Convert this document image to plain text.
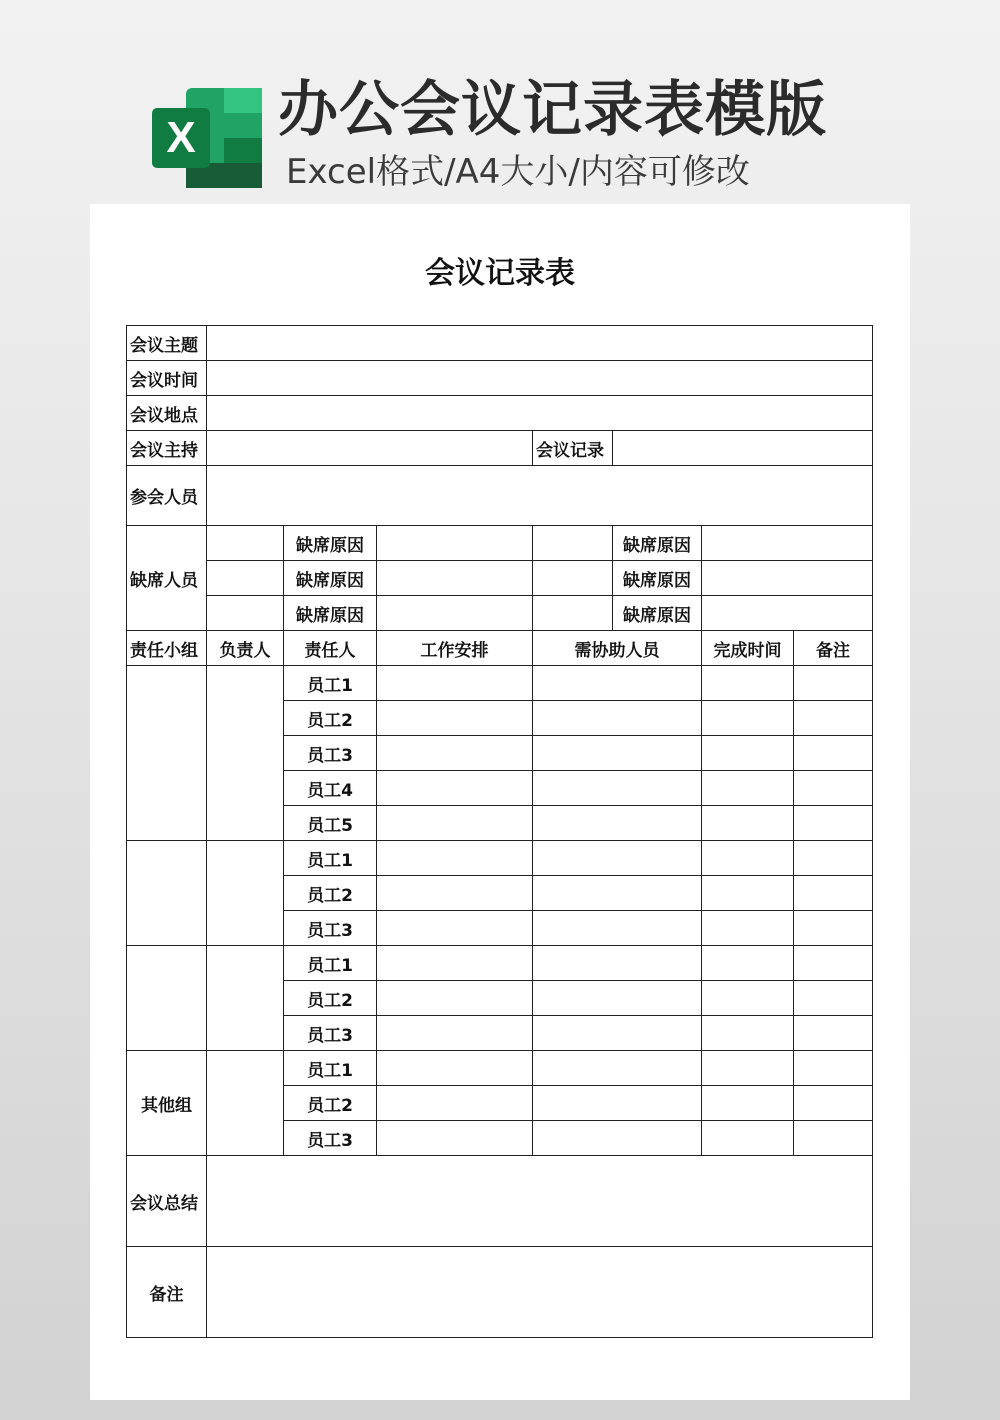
X 办公会议记录表模版
Excel格式/A4大小/内容可修改
会议记录表
会议主题							
会议时间							
会议地点							
会议主持				会议记录			
参会人员							
缺席人员		缺席原因			缺席原因		
		缺席原因			缺席原因		
		缺席原因			缺席原因		
责任小组	负责人	责任人	工作安排	需协助人员		完成时间	备注
		员工1					
		员工2					
		员工3					
		员工4					
		员工5					
		员工1					
		员工2					
		员工3					
		员工1					
		员工2					
		员工3					
其他组		员工1					
		员工2					
		员工3					
会议总结							
备注							
